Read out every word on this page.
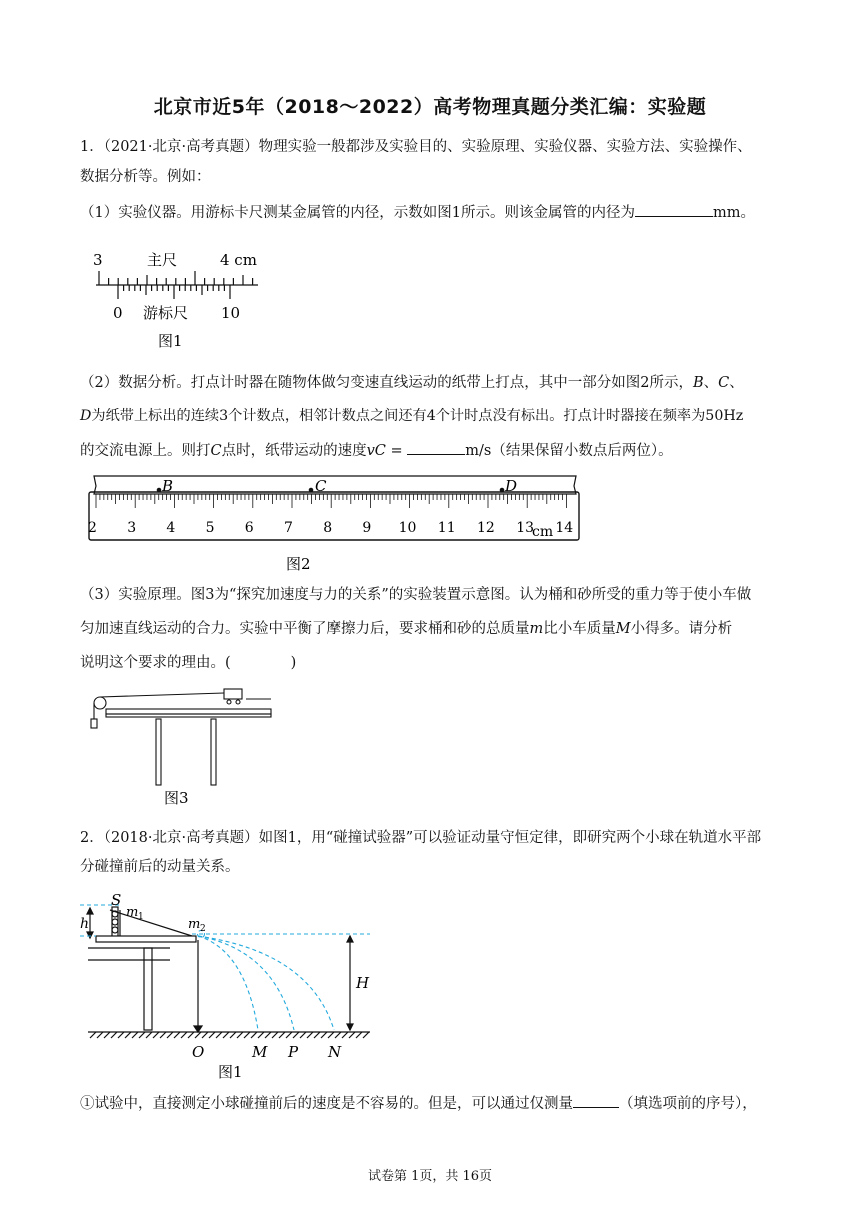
北京市近5年（2018～2022）高考物理真题分类汇编：实验题
1．（2021·北京·高考真题）物理实验一般都涉及实验目的、实验原理、实验仪器、实验方法、实验操作、
数据分析等。例如：
（1）实验仪器。用游标卡尺测某金属管的内径，示数如图1所示。则该金属管的内径为	mm。
3	主尺	4 cm
0 游标尺 10
图1
（2）数据分析。打点计时器在随物体做匀变速直线运动的纸带上打点，其中一部分如图2所示，B、C、
D为纸带上标出的连续3个计数点，相邻计数点之间还有4个计时点没有标出。打点计时器接在频率为50Hz
的交流电源上。则打C点时，纸带运动的速度vC =	m/s（结果保留小数点后两位）。
2 3 4 5 6 7 8 9 10 11 12 13 14
cm
B	C	D
图2
（3）实验原理。图3为“探究加速度与力的关系”的实验装置示意图。认为桶和砂所受的重力等于使小车做
匀加速直线运动的合力。实验中平衡了摩擦力后，要求桶和砂的总质量m比小车质量M小得多。请分析
说明这个要求的理由。(	)
图3
2．（2018·北京·高考真题）如图1，用“碰撞试验器”可以验证动量守恒定律，即研究两个小球在轨道水平部
分碰撞前后的动量关系。
S
m 1	m 2
h
H
O	M P N
图1
①试验中，直接测定小球碰撞前后的速度是不容易的。但是，可以通过仅测量	（填选项前的序号），
试卷第 1页，共 16页
